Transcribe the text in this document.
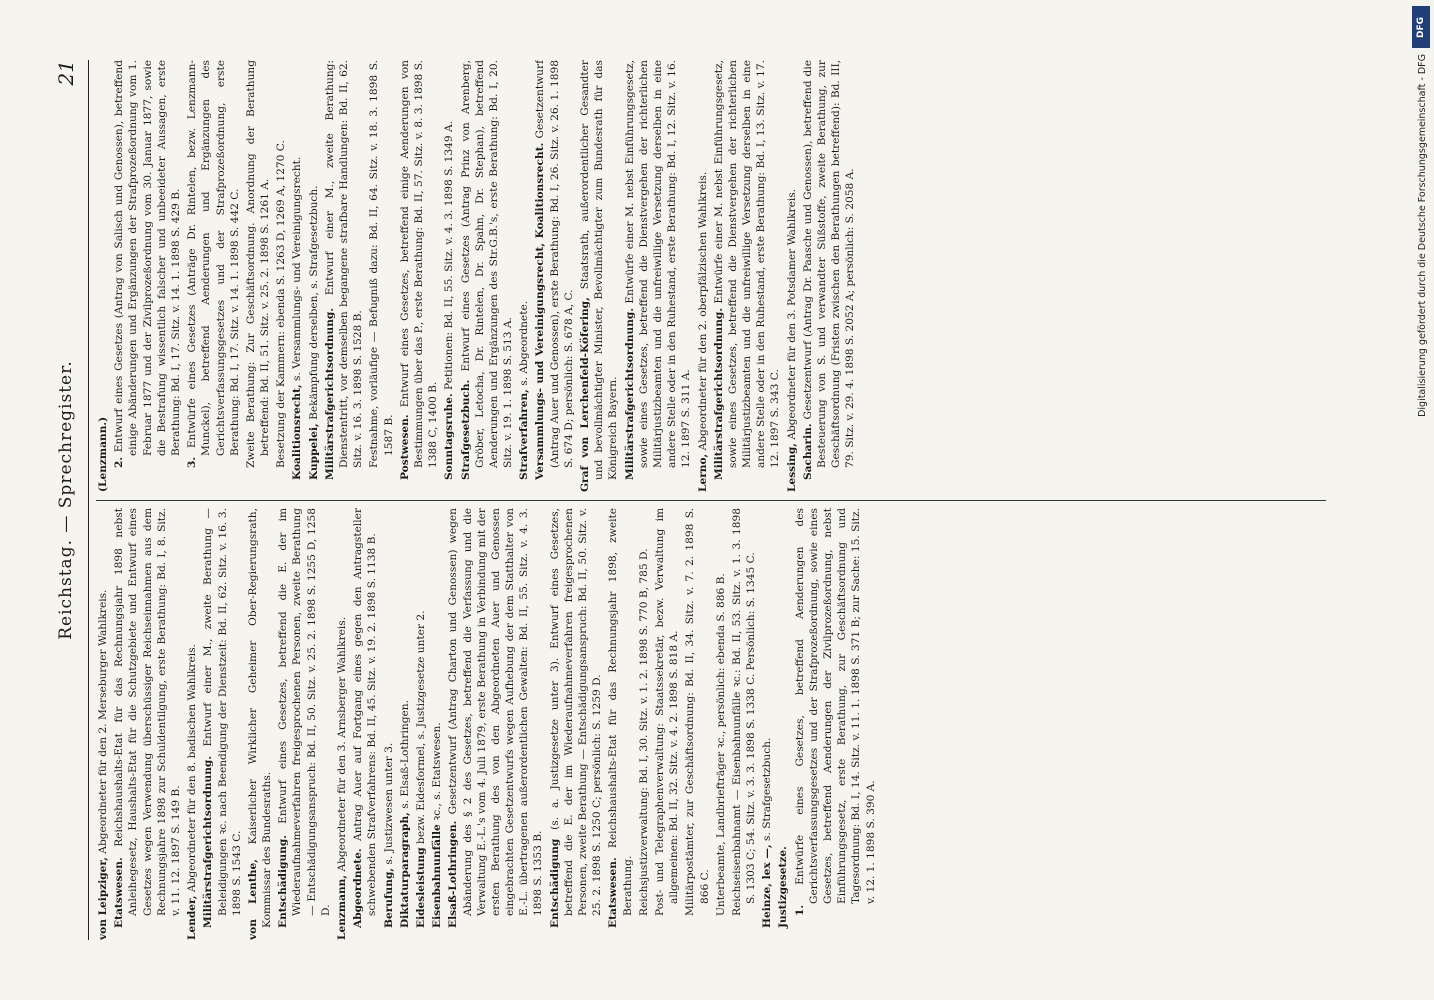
Reichstag. — Sprechregister.
21

von Leipziger, Abgeordneter für den 2. Merseburger Wahlkreis.

Etatswesen. Reichshaushalts-Etat für das Rechnungsjahr 1898 nebst Anleihegesetz, Haushalts-Etat für die Schutzgebiete und Entwurf eines Gesetzes wegen Verwendung überschüssiger Reichseinnahmen aus dem Rechnungsjahre 1898 zur Schuldentilgung, erste Berathung: Bd. I, 8. Sitz. v. 11. 12. 1897 S. 149 B.

Lender, Abgeordneter für den 8. badischen Wahlkreis. Militärstrafgerichtsordnung. Entwurf einer M., zweite Berathung — Beleidigungen ꝛc. nach Beendigung der Dienstzeit: Bd. II, 62. Sitz. v. 16. 3. 1898 S. 1543 C. von Lenthe, Kaiserlicher Wirklicher Geheimer Ober-Regierungsrath, Kommissar des Bundesraths. Entschädigung. Entwurf eines Gesetzes, betreffend die E. der im Wiederaufnahmeverfahren freigesprochenen Personen, zweite Berathung — Entschädigungsanspruch: Bd. II, 50. Sitz. v. 25. 2. 1898 S. 1255 D, 1258 D. Lenzmann, Abgeordneter für den 3. Arnsberger Wahlkreis.

Abgeordnete. Antrag Auer auf Fortgang eines gegen den Antragsteller schwebenden Strafverfahrens: Bd. II, 45. Sitz. v. 19. 2. 1898 S. 1138 B. Berufung, s. Justizwesen unter 3.

Diktaturparagraph, s. Elsaß-Lothringen.

Eidesleistung bezw. Eidesformel, s. Justizgesetze unter 2.

Eisenbahnunfälle ꝛc., s. Etatswesen.

Elsaß-Lothringen. Gesetzentwurf (Antrag Charton und Genossen) wegen Abänderung des § 2 des Gesetzes, betreffend die Verfassung und die Verwaltung E.-L.'s vom 4. Juli 1879, erste Berathung in Verbindung mit der ersten Berathung des von den Abgeordneten Auer und Genossen eingebrachten Gesetzentwurfs wegen Aufhebung der dem Statthalter von E.-L. übertragenen außerordentlichen Gewalten: Bd. II, 55. Sitz. v. 4. 3. 1898 S. 1353 B. Entschädigung (s. a. Justizgesetze unter 3). Entwurf eines Gesetzes, betreffend die E. der im Wiederaufnahmeverfahren freigesprochenen Personen, zweite Berathung — Entschädigungsanspruch: Bd. II, 50. Sitz. v. 25. 2. 1898 S. 1250 C; persönlich: S. 1259 D. Etatswesen. Reichshaushalts-Etat für das Rechnungsjahr 1898, zweite Berathung. Reichsjustizverwaltung: Bd. I, 30. Sitz. v. 1. 2. 1898 S. 770 B, 785 D. Post- und Telegraphenverwaltung: Staatssekretär, bezw. Verwaltung im allgemeinen: Bd. II, 32. Sitz. v. 4. 2. 1898 S. 818 A. Militärpostämter, zur Geschäftsordnung: Bd. II, 34. Sitz. v. 7. 2. 1898 S. 866 C. Unterbeamte, Landbriefträger ꝛc., persönlich: ebenda S. 886 B. Reichseisenbahnamt — Eisenbahnunfälle ꝛc.: Bd. II, 53. Sitz. v. 1. 3. 1898 S. 1303 C; 54. Sitz. v. 3. 3. 1898 S. 1338 C. Persönlich: S. 1345 C. Heinze, lex —, s. Strafgesetzbuch.

Justizgesetze. 1. Entwürfe eines Gesetzes, betreffend Aenderungen des Gerichtsverfassungsgesetzes und der Strafprozeßordnung, sowie eines Gesetzes, betreffend Aenderungen der Zivilprozeßordnung, nebst Einführungsgesetz, erste Berathung, zur Geschäftsordnung und Tagesordnung: Bd. I, 14. Sitz. v. 11. 1. 1898 S. 371 B; zur Sache: 15. Sitz. v. 12. 1. 1898 S. 390 A.

(Lenzmann.) 2. Entwurf eines Gesetzes (Antrag von Salisch und Genossen), betreffend einige Abänderungen und Ergänzungen der Strafprozeßordnung vom 1. Februar 1877 und der Zivilprozeßordnung vom 30. Januar 1877, sowie die Bestrafung wissentlich falscher und unbeeideter Aussagen, erste Berathung: Bd. I, 17. Sitz. v. 14. 1. 1898 S. 429 B.

3. Entwürfe eines Gesetzes (Anträge Dr. Rintelen, bezw. Lenzmann-Munckel), betreffend Aenderungen und Ergänzungen des Gerichtsverfassungsgesetzes und der Strafprozeßordnung, erste Berathung: Bd. I, 17. Sitz. v. 14. 1. 1898 S. 442 C. Zweite Berathung: Zur Geschäftsordnung. Anordnung der Berathung betreffend: Bd. II, 51. Sitz. v. 25. 2. 1898 S. 1261 A. Besetzung der Kammern: ebenda S. 1263 D, 1269 A, 1270 C. Koalitionsrecht, s. Versammlungs- und Vereinigungsrecht.

Kuppelei, Bekämpfung derselben, s. Strafgesetzbuch. Militärstrafgerichtsordnung. Entwurf einer M., zweite Berathung: Dienstentritt, vor demselben begangene strafbare Handlungen: Bd. II, 62. Sitz. v. 16. 3. 1898 S. 1528 B. Festnahme, vorläufige — Befugniß dazu: Bd. II, 64. Sitz. v. 18. 3. 1898 S. 1587 B. Postwesen. Entwurf eines Gesetzes, betreffend einige Aenderungen von Bestimmungen über das P., erste Berathung: Bd. II, 57. Sitz. v. 8. 3. 1898 S. 1388 C, 1400 B. Sonntagsruhe. Petitionen: Bd. II, 55. Sitz. v. 4. 3. 1898 S. 1349 A.

Strafgesetzbuch. Entwurf eines Gesetzes (Antrag Prinz von Arenberg, Gröber, Letocha, Dr. Rintelen, Dr. Spahn, Dr. Stephan), betreffend Aenderungen und Ergänzungen des Str.G.B.'s, erste Berathung: Bd. I, 20. Sitz. v. 19. 1. 1898 S. 513 A. Strafverfahren, s. Abgeordnete. Versammlungs- und Vereinigungsrecht, Koalitionsrecht. Gesetzentwurf (Antrag Auer und Genossen), erste Berathung: Bd. I, 26. Sitz. v. 26. 1. 1898 S. 674 D; persönlich: S. 678 A, C. Graf von Lerchenfeld-Köfering, Staatsrath, außerordentlicher Gesandter und bevollmächtigter Minister, Bevollmächtigter zum Bundesrath für das Königreich Bayern. Militärstrafgerichtsordnung. Entwürfe einer M. nebst Einführungsgesetz, sowie eines Gesetzes, betreffend die Dienstvergehen der richterlichen Militärjustizbeamten und die unfreiwillige Versetzung derselben in eine andere Stelle oder in den Ruhestand, erste Berathung: Bd. I, 12. Sitz. v. 16. 12. 1897 S. 311 A.

Lerno, Abgeordneter für den 2. oberpfälzischen Wahlkreis. Militärstrafgerichtsordnung. Entwürfe einer M. nebst Einführungsgesetz, sowie eines Gesetzes, betreffend die Dienstvergehen der richterlichen Militärjustizbeamten und die unfreiwillige Versetzung derselben in eine andere Stelle oder in den Ruhestand, erste Berathung: Bd. I, 13. Sitz. v. 17. 12. 1897 S. 343 C. Lessing, Abgeordneter für den 3. Potsdamer Wahlkreis.

Sacharin. Gesetzentwurf (Antrag Dr. Paasche und Genossen), betreffend die Besteuerung von S. und verwandter Süßstoffe, zweite Berathung, zur Geschäftsordnung (Fristen zwischen den Berathungen betreffend): Bd. III, 79. Sitz. v. 29. 4. 1898 S. 2052 A; persönlich: S. 2058 A.

DFG
Digitalisierung gefördert durch die Deutsche Forschungsgemeinschaft - DFG
